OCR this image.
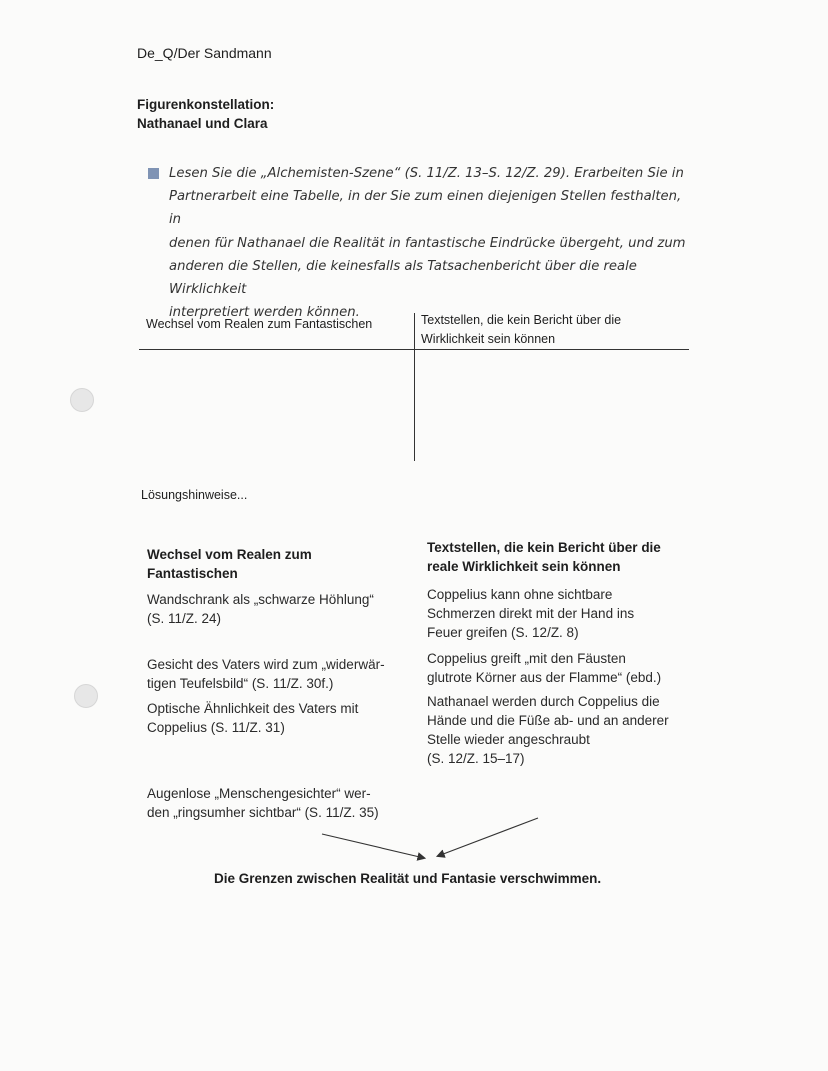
De_Q/Der Sandmann
Figurenkonstellation:
Nathanael und Clara
Lesen Sie die „Alchemisten-Szene“ (S. 11/Z. 13–S. 12/Z. 29). Erarbeiten Sie in
Partnerarbeit eine Tabelle, in der Sie zum einen diejenigen Stellen festhalten, in
denen für Nathanael die Realität in fantastische Eindrücke übergeht, und zum
anderen die Stellen, die keinesfalls als Tatsachenbericht über die reale Wirklichkeit
interpretiert werden können.
Wechsel vom Realen zum Fantastischen	Textstellen, die kein Bericht über die
Wirklichkeit sein können
Lösungshinweise...
Wechsel vom Realen zum
Fantastischen
Textstellen, die kein Bericht über die
reale Wirklichkeit sein können
Wandschrank als „schwarze Höhlung“
(S. 11/Z. 24)
Gesicht des Vaters wird zum „widerwär-
tigen Teufelsbild“ (S. 11/Z. 30f.)
Optische Ähnlichkeit des Vaters mit
Coppelius (S. 11/Z. 31)
Augenlose „Menschengesichter“ wer-
den „ringsumher sichtbar“ (S. 11/Z. 35)
Coppelius kann ohne sichtbare
Schmerzen direkt mit der Hand ins
Feuer greifen (S. 12/Z. 8)
Coppelius greift „mit den Fäusten
glutrote Körner aus der Flamme“ (ebd.)
Nathanael werden durch Coppelius die
Hände und die Füße ab- und an anderer
Stelle wieder angeschraubt
(S. 12/Z. 15–17)
Die Grenzen zwischen Realität und Fantasie verschwimmen.
